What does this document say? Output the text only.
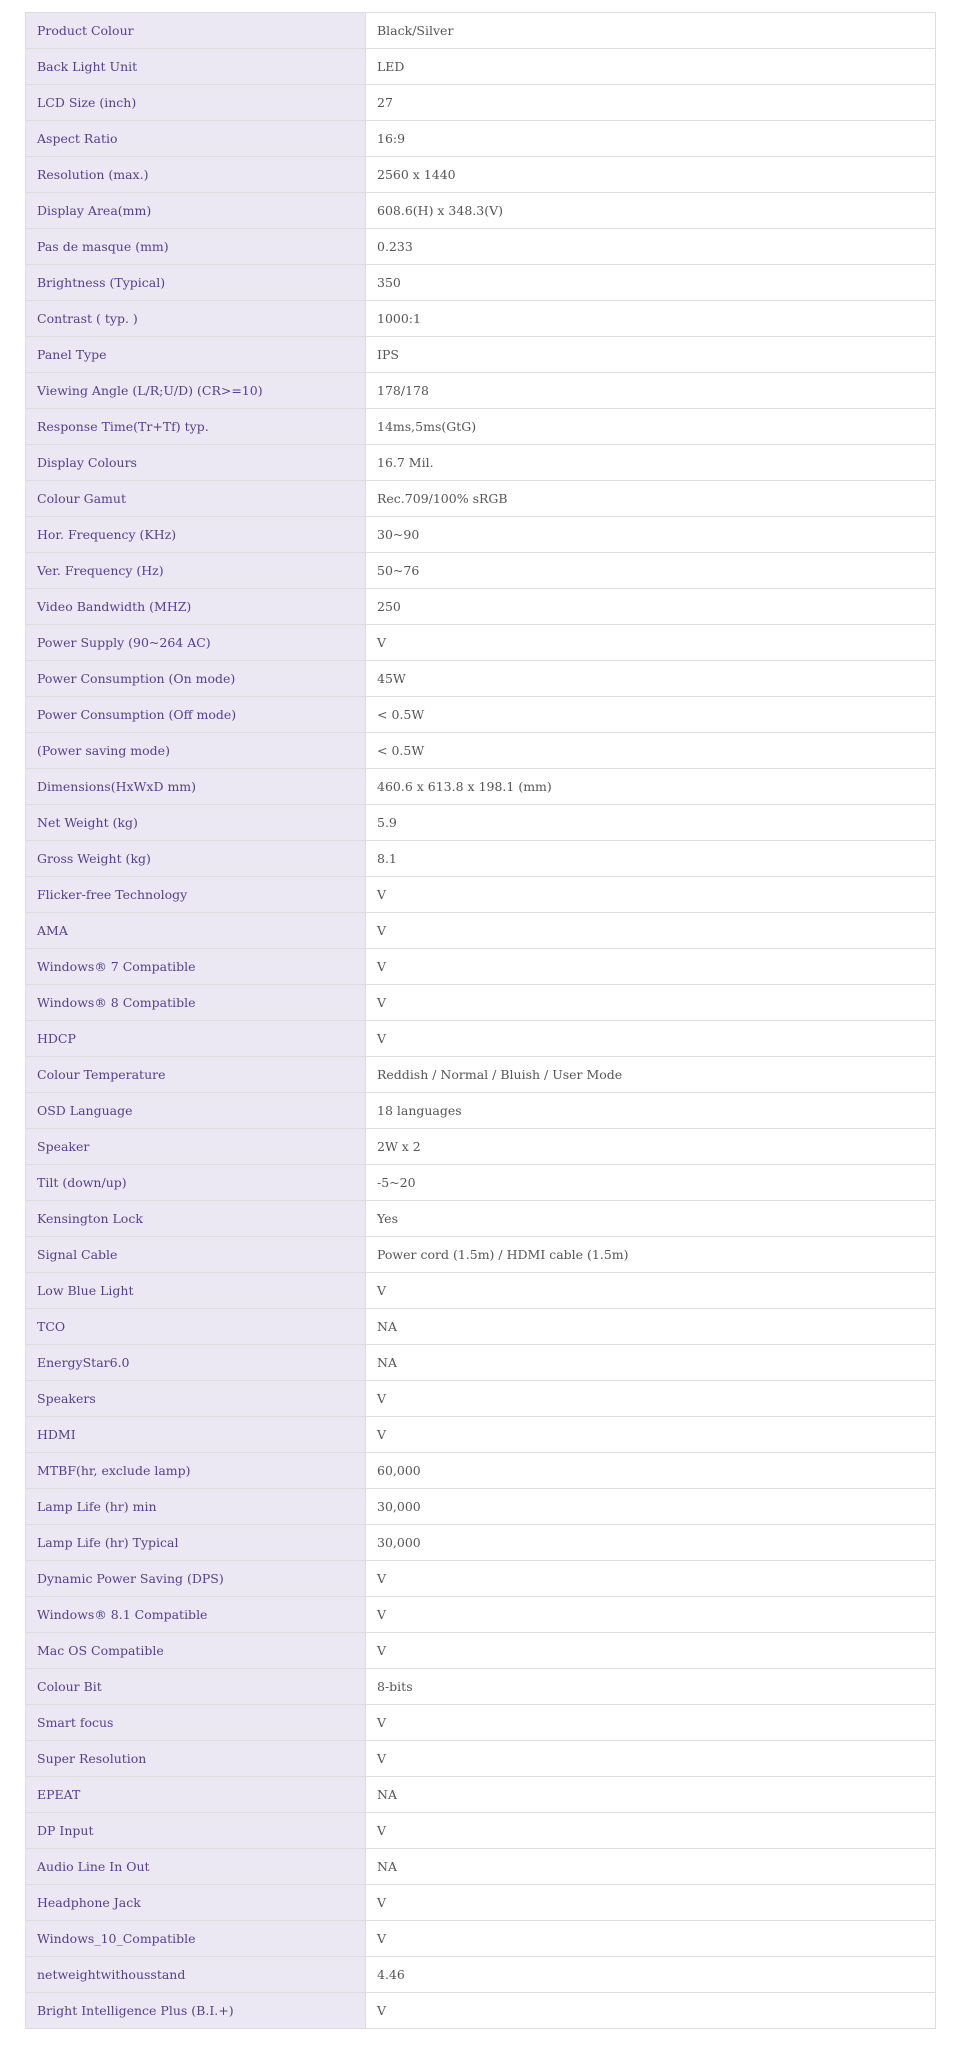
Product Colour	Black/Silver
Back Light Unit	LED
LCD Size (inch)	27
Aspect Ratio	16:9
Resolution (max.)	2560 x 1440
Display Area(mm)	608.6(H) x 348.3(V)
Pas de masque (mm)	0.233
Brightness (Typical)	350
Contrast ( typ. )	1000:1
Panel Type	IPS
Viewing Angle (L/R;U/D) (CR>=10)	178/178
Response Time(Tr+Tf) typ.	14ms,5ms(GtG)
Display Colours	16.7 Mil.
Colour Gamut	Rec.709/100% sRGB
Hor. Frequency (KHz)	30~90
Ver. Frequency (Hz)	50~76
Video Bandwidth (MHZ)	250
Power Supply (90~264 AC)	V
Power Consumption (On mode)	45W
Power Consumption (Off mode)	< 0.5W
(Power saving mode)	< 0.5W
Dimensions(HxWxD mm)	460.6 x 613.8 x 198.1 (mm)
Net Weight (kg)	5.9
Gross Weight (kg)	8.1
Flicker-free Technology	V
AMA	V
Windows® 7 Compatible	V
Windows® 8 Compatible	V
HDCP	V
Colour Temperature	Reddish / Normal / Bluish / User Mode
OSD Language	18 languages
Speaker	2W x 2
Tilt (down/up)	-5~20
Kensington Lock	Yes
Signal Cable	Power cord (1.5m) / HDMI cable (1.5m)
Low Blue Light	V
TCO	NA
EnergyStar6.0	NA
Speakers	V
HDMI	V
MTBF(hr, exclude lamp)	60,000
Lamp Life (hr) min	30,000
Lamp Life (hr) Typical	30,000
Dynamic Power Saving (DPS)	V
Windows® 8.1 Compatible	V
Mac OS Compatible	V
Colour Bit	8-bits
Smart focus	V
Super Resolution	V
EPEAT	NA
DP Input	V
Audio Line In Out	NA
Headphone Jack	V
Windows_10_Compatible	V
netweightwithousstand	4.46
Bright Intelligence Plus (B.I.+)	V
